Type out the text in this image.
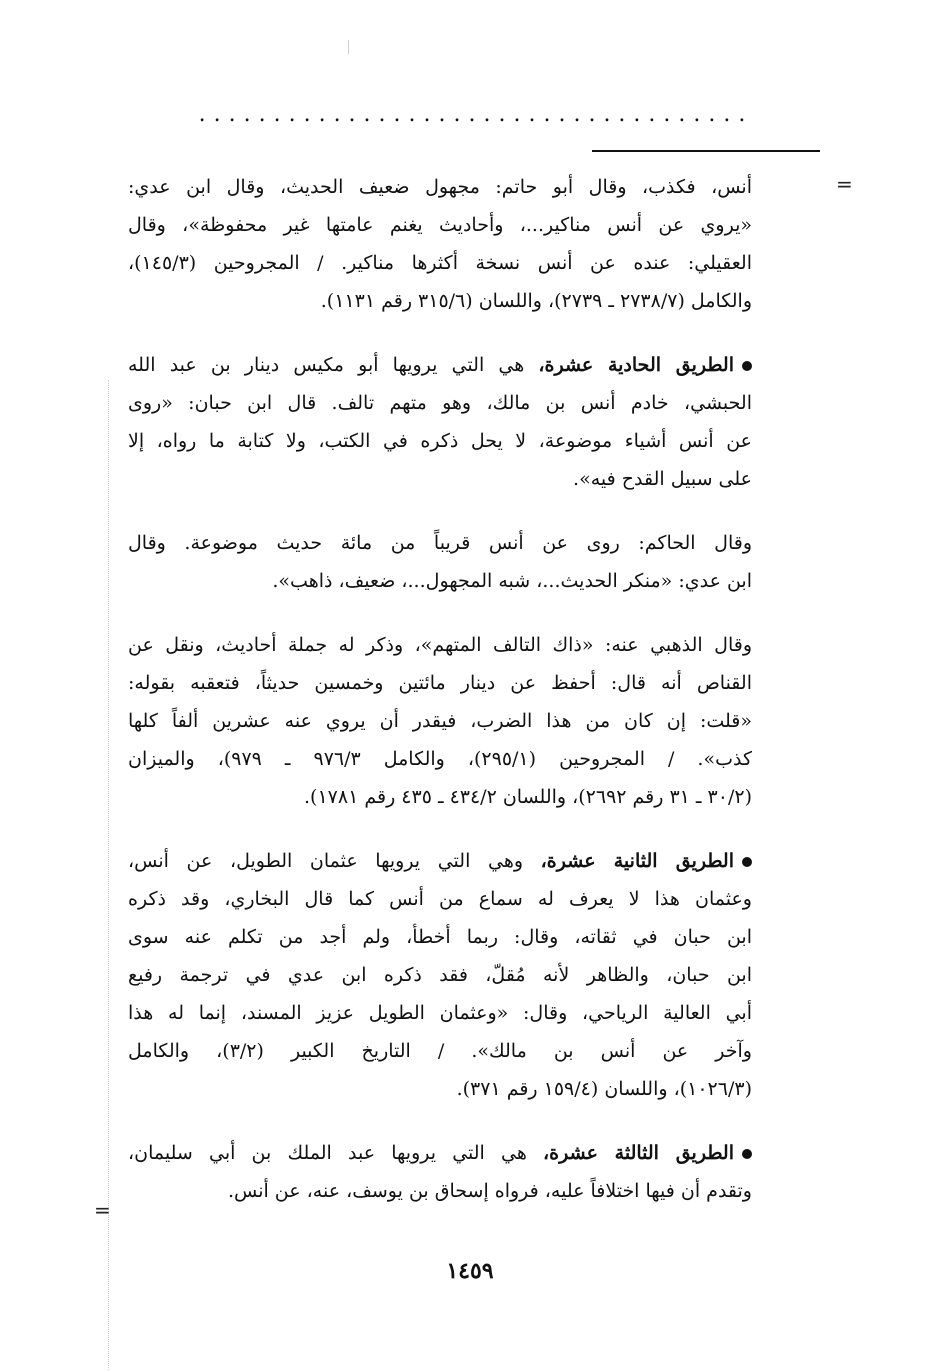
.....................................
=
=
أنس، فكذب، وقال أبو حاتم: مجهول ضعيف الحديث، وقال ابن عدي:
«يروي عن أنس مناكير...، وأحاديث يغنم عامتها غير محفوظة»، وقال
العقيلي: عنده عن أنس نسخة أكثرها مناكير. / المجروحين (١٤٥/٣)،
والكامل (٢٧٣٨/٧ ـ ٢٧٣٩)، واللسان (٣١٥/٦ رقم ١١٣١).
الطريق الحادية عشرة، هي التي يرويها أبو مكيس دينار بن عبد الله
الحبشي، خادم أنس بن مالك، وهو متهم تالف. قال ابن حبان: «روى
عن أنس أشياء موضوعة، لا يحل ذكره في الكتب، ولا كتابة ما رواه، إلا
على سبيل القدح فيه».
وقال الحاكم: روى عن أنس قريباً من مائة حديث موضوعة. وقال
ابن عدي: «منكر الحديث...، شبه المجهول...، ضعيف، ذاهب».
وقال الذهبي عنه: «ذاك التالف المتهم»، وذكر له جملة أحاديث، ونقل عن
القناص أنه قال: أحفظ عن دينار مائتين وخمسين حديثاً، فتعقبه بقوله:
«قلت: إن كان من هذا الضرب، فيقدر أن يروي عنه عشرين ألفاً كلها
كذب». / المجروحين (٢٩٥/١)، والكامل ٩٧٦/٣ ـ ٩٧٩)، والميزان
(٣٠/٢ ـ ٣١ رقم ٢٦٩٢)، واللسان ٤٣٤/٢ ـ ٤٣٥ رقم ١٧٨١).
الطريق الثانية عشرة، وهي التي يرويها عثمان الطويل، عن أنس،
وعثمان هذا لا يعرف له سماع من أنس كما قال البخاري، وقد ذكره
ابن حبان في ثقاته، وقال: ربما أخطأ، ولم أجد من تكلم عنه سوى
ابن حبان، والظاهر لأنه مُقلّ، فقد ذكره ابن عدي في ترجمة رفيع
أبي العالية الرياحي، وقال: «وعثمان الطويل عزيز المسند، إنما له هذا
وآخر عن أنس بن مالك». / التاريخ الكبير (٣/٢)، والكامل
(١٠٢٦/٣)، واللسان (١٥٩/٤ رقم ٣٧١).
الطريق الثالثة عشرة، هي التي يرويها عبد الملك بن أبي سليمان،
وتقدم أن فيها اختلافاً عليه، فرواه إسحاق بن يوسف، عنه، عن أنس.
١٤٥٩
